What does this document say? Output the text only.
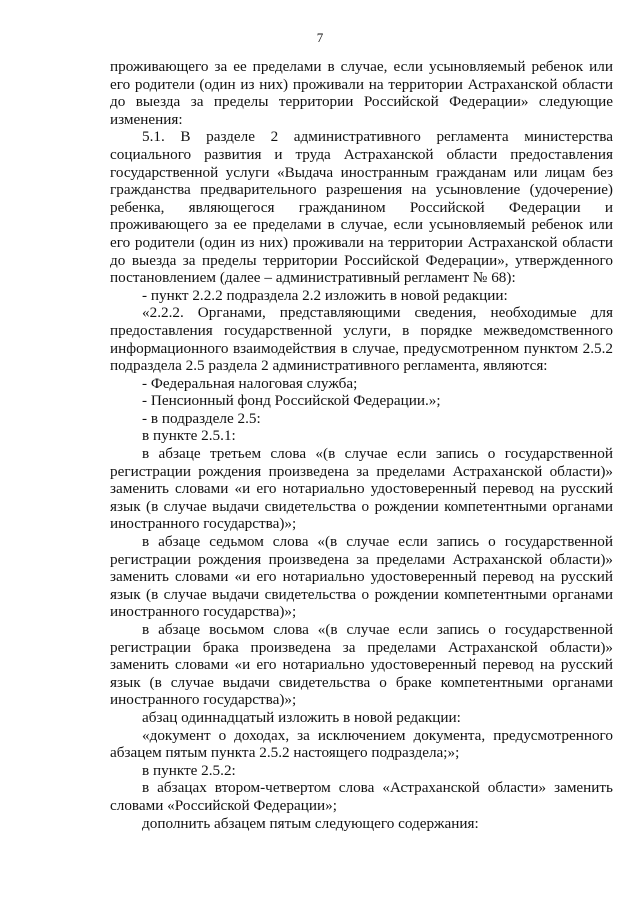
7

проживающего за ее пределами в случае, если усыновляемый ребенок или его родители (один из них) проживали на территории Астраханской области до выезда за пределы территории Российской Федерации» следующие изменения:

5.1. В разделе 2 административного регламента министерства социального развития и труда Астраханской области предоставления государственной услуги «Выдача иностранным гражданам или лицам без гражданства предварительного разрешения на усыновление (удочерение) ребенка, являющегося гражданином Российской Федерации и проживающего за ее пределами в случае, если усыновляемый ребенок или его родители (один из них) проживали на территории Астраханской области до выезда за пределы территории Российской Федерации», утвержденного постановлением (далее – административный регламент № 68):

- пункт 2.2.2 подраздела 2.2 изложить в новой редакции:

«2.2.2. Органами, представляющими сведения, необходимые для предоставления государственной услуги, в порядке межведомственного информационного взаимодействия в случае, предусмотренном пунктом 2.5.2 подраздела 2.5 раздела 2 административного регламента, являются:

- Федеральная налоговая служба;

- Пенсионный фонд Российской Федерации.»;

- в подразделе 2.5:

в пункте 2.5.1:

в абзаце третьем слова «(в случае если запись о государственной регистрации рождения произведена за пределами Астраханской области)» заменить словами «и его нотариально удостоверенный перевод на русский язык (в случае выдачи свидетельства о рождении компетентными органами иностранного государства)»;

в абзаце седьмом слова «(в случае если запись о государственной регистрации рождения произведена за пределами Астраханской области)» заменить словами «и его нотариально удостоверенный перевод на русский язык (в случае выдачи свидетельства о рождении компетентными органами иностранного государства)»;

в абзаце восьмом слова «(в случае если запись о государственной регистрации брака произведена за пределами Астраханской области)» заменить словами «и его нотариально удостоверенный перевод на русский язык (в случае выдачи свидетельства о браке компетентными органами иностранного государства)»;

абзац одиннадцатый изложить в новой редакции:

«документ о доходах, за исключением документа, предусмотренного абзацем пятым пункта 2.5.2 настоящего подраздела;»;

в пункте 2.5.2:

в абзацах втором-четвертом слова «Астраханской области» заменить словами «Российской Федерации»;

дополнить абзацем пятым следующего содержания:
